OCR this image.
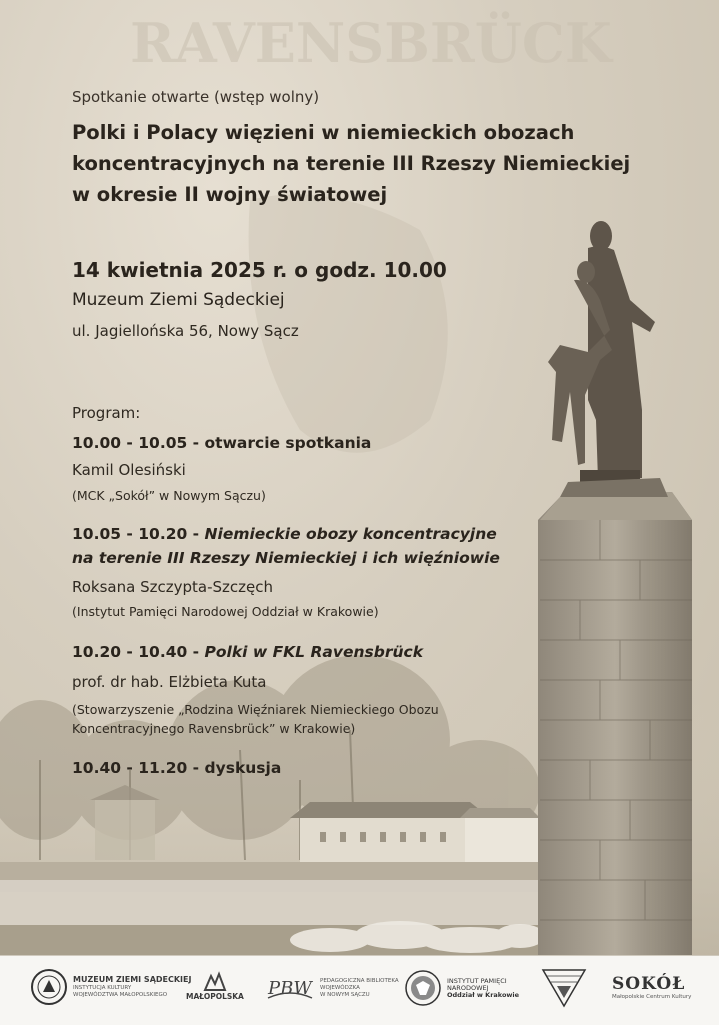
RAVENSBRÜCK
Spotkanie otwarte (wstęp wolny)
Polki i Polacy więzieni w niemieckich obozach
koncentracyjnych na terenie III Rzeszy Niemieckiej
w okresie II wojny światowej
14 kwietnia 2025 r. o godz. 10.00
Muzeum Ziemi Sądeckiej
ul. Jagiellońska 56, Nowy Sącz
Program:
10.00 - 10.05 - otwarcie spotkania
Kamil Olesiński
(MCK „Sokół” w Nowym Sączu)
10.05 - 10.20 - Niemieckie obozy koncentracyjne
na terenie III Rzeszy Niemieckiej i ich więźniowie
Roksana Szczypta-Szczęch
(Instytut Pamięci Narodowej Oddział w Krakowie)
10.20 - 10.40 - Polki w FKL Ravensbrück
prof. dr hab. Elżbieta Kuta
(Stowarzyszenie „Rodzina Więźniarek Niemieckiego Obozu
Koncentracyjnego Ravensbrück” w Krakowie)
10.40 - 11.20 - dyskusja
MUZEUM ZIEMI SĄDECKIEJ
INSTYTUCJA KULTURY
WOJEWÓDZTWA MAŁOPOLSKIEGO	MAŁOPOLSKA PBW PEDAGOGICZNA BIBLIOTEKA
WOJEWÓDZKA
W NOWYM SĄCZU
INSTYTUT PAMIĘCI
NARODOWEJ
Oddział w Krakowie
SOKÓŁ
Małopolskie Centrum Kultury
